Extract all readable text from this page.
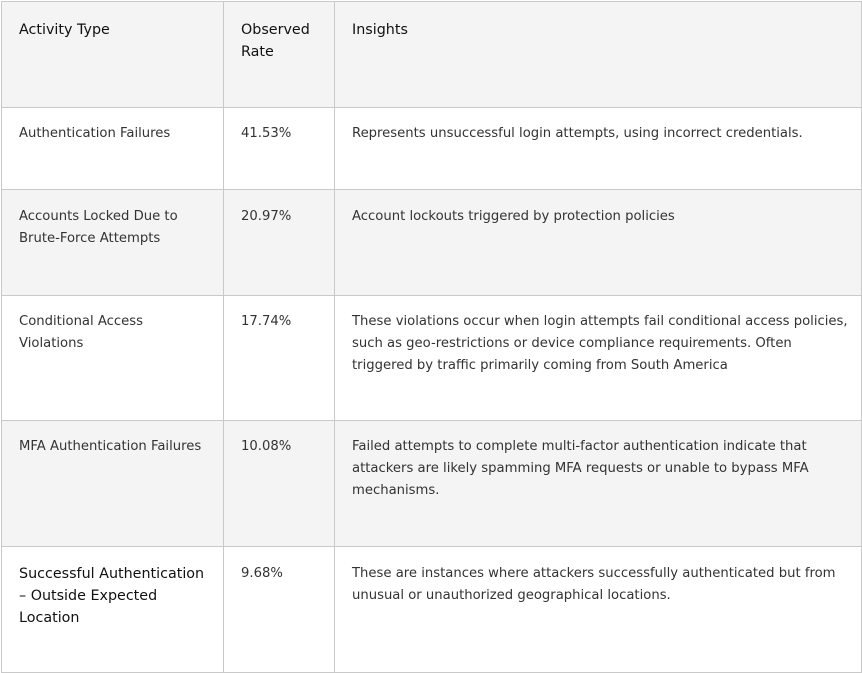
Activity Type	Observed Rate	Insights

Authentication Failures	41.53%	Represents unsuccessful login attempts, using incorrect credentials.

Accounts Locked Due to Brute-Force Attempts	20.97%	Account lockouts triggered by protection policies

Conditional Access Violations	17.74%	These violations occur when login attempts fail conditional access policies, such as geo-restrictions or device compliance requirements. Often triggered by traffic primarily coming from South America

MFA Authentication Failures	10.08%	Failed attempts to complete multi-factor authentication indicate that attackers are likely spamming MFA requests or unable to bypass MFA mechanisms.

Successful Authentication – Outside Expected Location	9.68%	These are instances where attackers successfully authenticated but from unusual or unauthorized geographical locations.
